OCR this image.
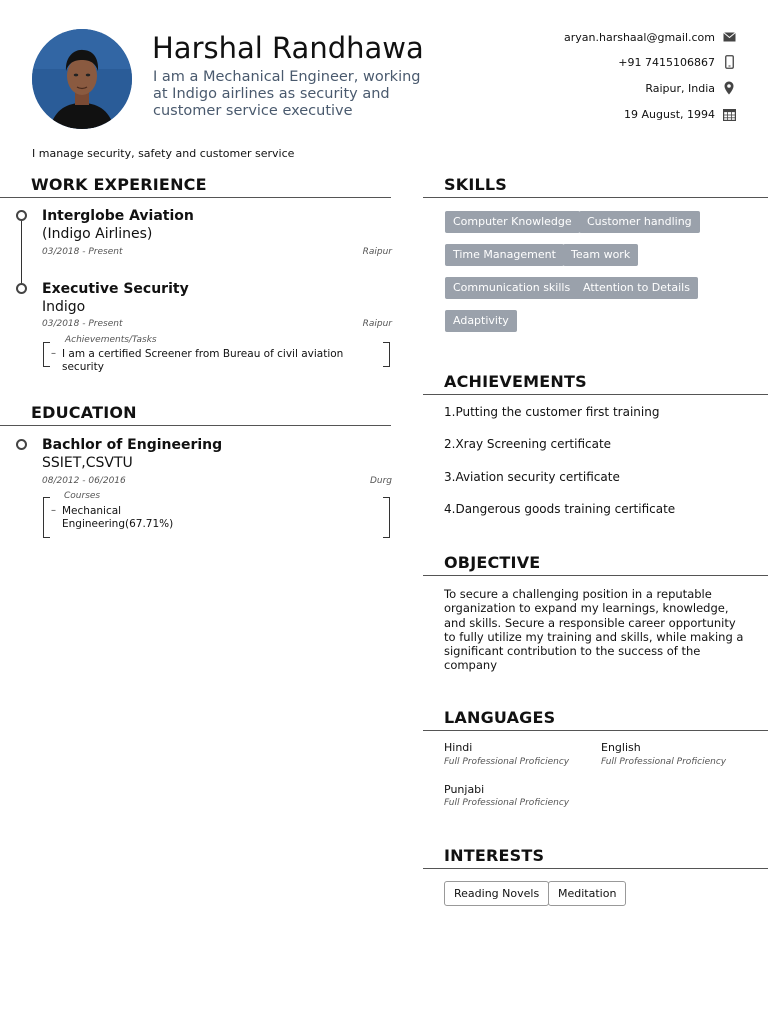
Harshal Randhawa
I am a Mechanical Engineer, working at Indigo airlines as security and customer service executive
aryan.harshaal@gmail.com
+91 7415106867
Raipur, India
19 August, 1994
I manage security, safety and customer service
WORK EXPERIENCE
Interglobe Aviation
(Indigo Airlines)
03/2018 - Present	Raipur
Executive Security
Indigo
03/2018 - Present	Raipur
Achievements/Tasks
– I am a certified Screener from Bureau of civil aviation security
EDUCATION
Bachlor of Engineering
SSIET,CSVTU
08/2012 - 06/2016	Durg
Courses
– Mechanical Engineering(67.71%)
SKILLS
Computer Knowledge	Customer handling
Time Management	Team work
Communication skills	Attention to Details
Adaptivity
ACHIEVEMENTS
1.Putting the customer first training
2.Xray Screening certificate
3.Aviation security certificate
4.Dangerous goods training certificate
OBJECTIVE
To secure a challenging position in a reputable organization to expand my learnings, knowledge, and skills. Secure a responsible career opportunity to fully utilize my training and skills, while making a significant contribution to the success of the company
LANGUAGES
Hindi
Full Professional Proficiency
English
Full Professional Proficiency
Punjabi
Full Professional Proficiency
INTERESTS
Reading Novels	Meditation
